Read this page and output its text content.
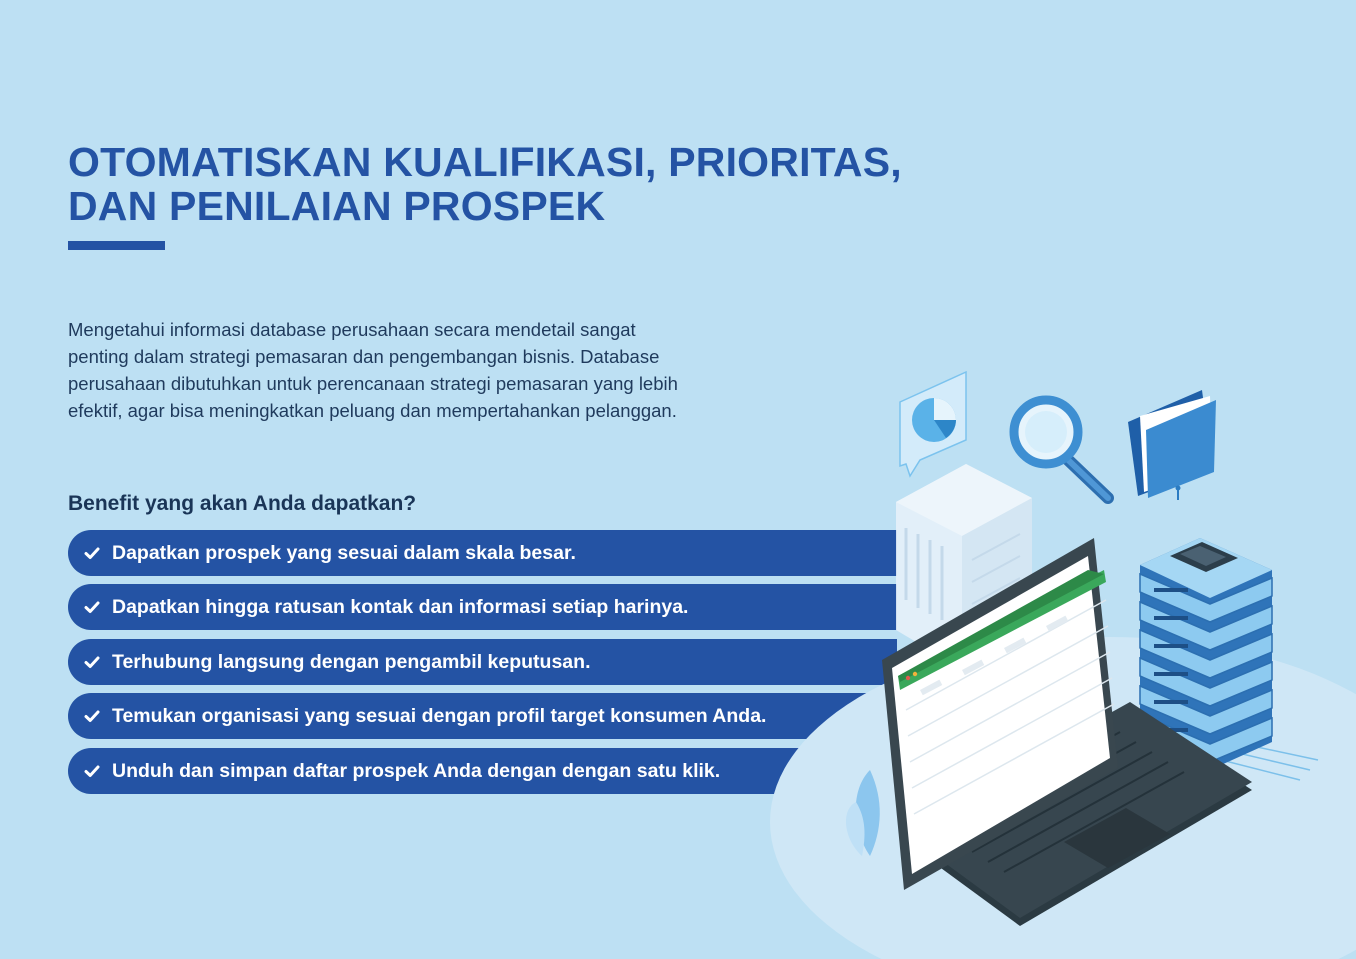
OTOMATISKAN KUALIFIKASI, PRIORITAS,
DAN PENILAIAN PROSPEK

Mengetahui informasi database perusahaan secara mendetail sangat
penting dalam strategi pemasaran dan pengembangan bisnis. Database
perusahaan dibutuhkan untuk perencanaan strategi pemasaran yang lebih
efektif, agar bisa meningkatkan peluang dan mempertahankan pelanggan.

Benefit yang akan Anda dapatkan?
Dapatkan prospek yang sesuai dalam skala besar.
Dapatkan hingga ratusan kontak dan informasi setiap harinya.
Terhubung langsung dengan pengambil keputusan.
Temukan organisasi yang sesuai dengan profil target konsumen Anda.
Unduh dan simpan daftar prospek Anda dengan dengan satu klik.
